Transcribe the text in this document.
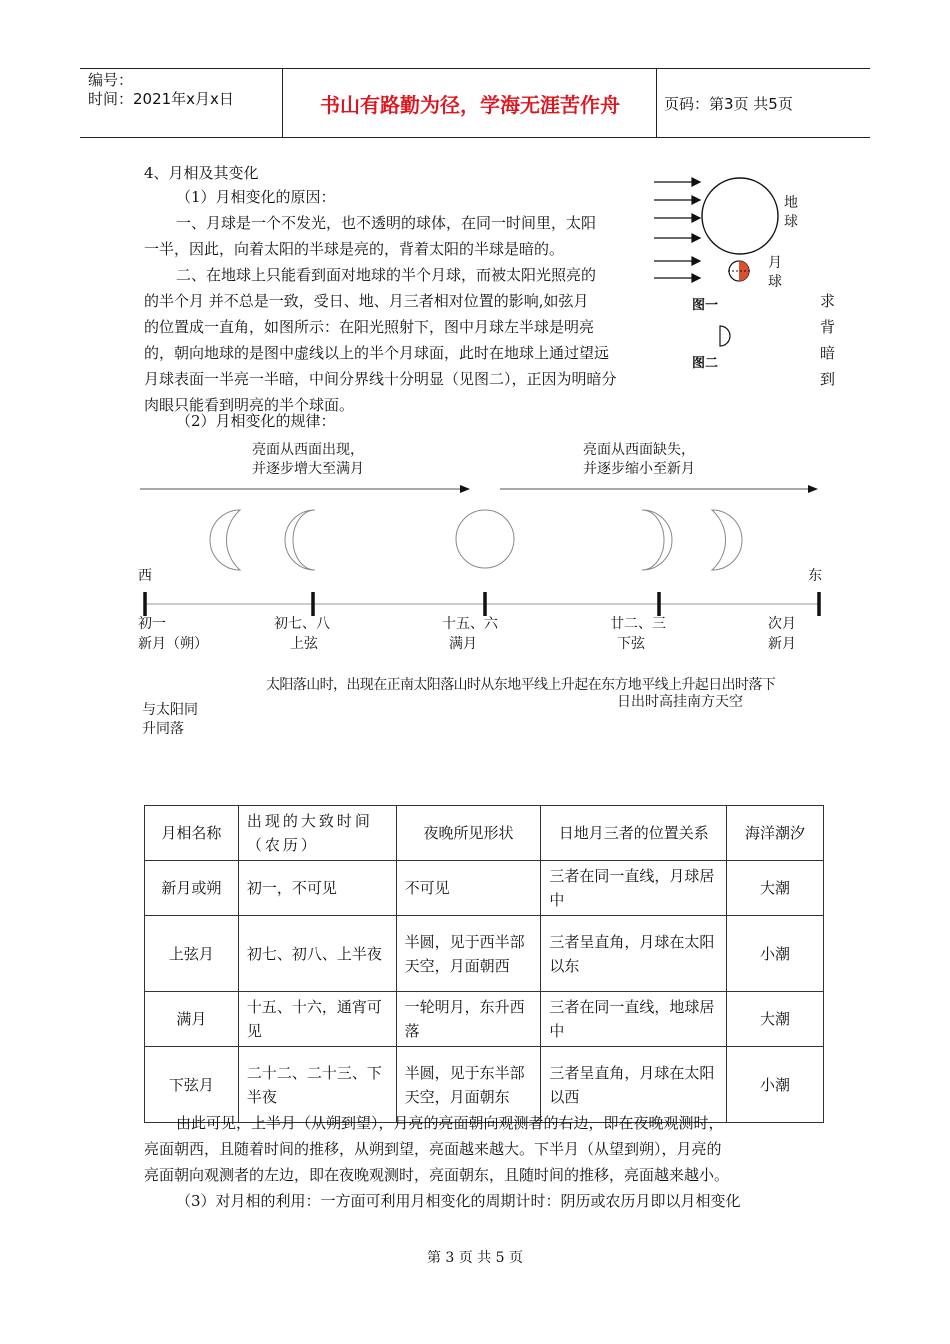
编号：
时间：2021年x月x日	书山有路勤为径，学海无涯苦作舟	页码：第3页 共5页
4、月相及其变化
（1）月相变化的原因：
一、月球是一个不发光，也不透明的球体，在同一时间里，太阳
一半，因此，向着太阳的半球是亮的，背着太阳的半球是暗的。
二、在地球上只能看到面对地球的半个月球，而被太阳光照亮的
的半个月 并不总是一致，受日、地、月三者相对位置的影响,如弦月
的位置成一直角，如图所示：在阳光照射下，图中月球左半球是明亮
的，朝向地球的是图中虚线以上的半个月球面，此时在地球上通过望远
月球表面一半亮一半暗，中间分界线十分明显（见图二），正因为明暗分
肉眼只能看到明亮的半个球面。
求
背
暗
到
地球
月球
图一
图二
（2）月相变化的规律：
亮面从西面出现，
并逐步增大至满月
亮面从西面缺失，
并逐步缩小至新月
西	东
初一
新月（朔）
初七、八
上弦
十五、六
满月
廿二、三
下弦
次月
新月
太阳落山时，出现在正南太阳落山时从东地平线上升起在东方地平线上升起日出时落下
日出时高挂南方天空
与太阳同
升同落
月相名称	出现的大致时间（农历）	夜晚所见形状	日地月三者的位置关系	海洋潮汐
新月或朔	初一，不可见	不可见	三者在同一直线，月球居中	大潮
上弦月	初七、初八、上半夜	半圆，见于西半部天空，月面朝西	三者呈直角，月球在太阳以东	小潮
满月	十五、十六，通宵可见	一轮明月，东升西落	三者在同一直线，地球居中	大潮
下弦月	二十二、二十三、下半夜	半圆，见于东半部天空，月面朝东	三者呈直角，月球在太阳以西	小潮
由此可见，上半月（从朔到望），月亮的亮面朝向观测者的右边，即在夜晚观测时，
亮面朝西，且随着时间的推移，从朔到望，亮面越来越大。下半月（从望到朔），月亮的
亮面朝向观测者的左边，即在夜晚观测时，亮面朝东，且随时间的推移，亮面越来越小。
（3）对月相的利用：一方面可利用月相变化的周期计时：阴历或农历月即以月相变化
第 3 页 共 5 页
